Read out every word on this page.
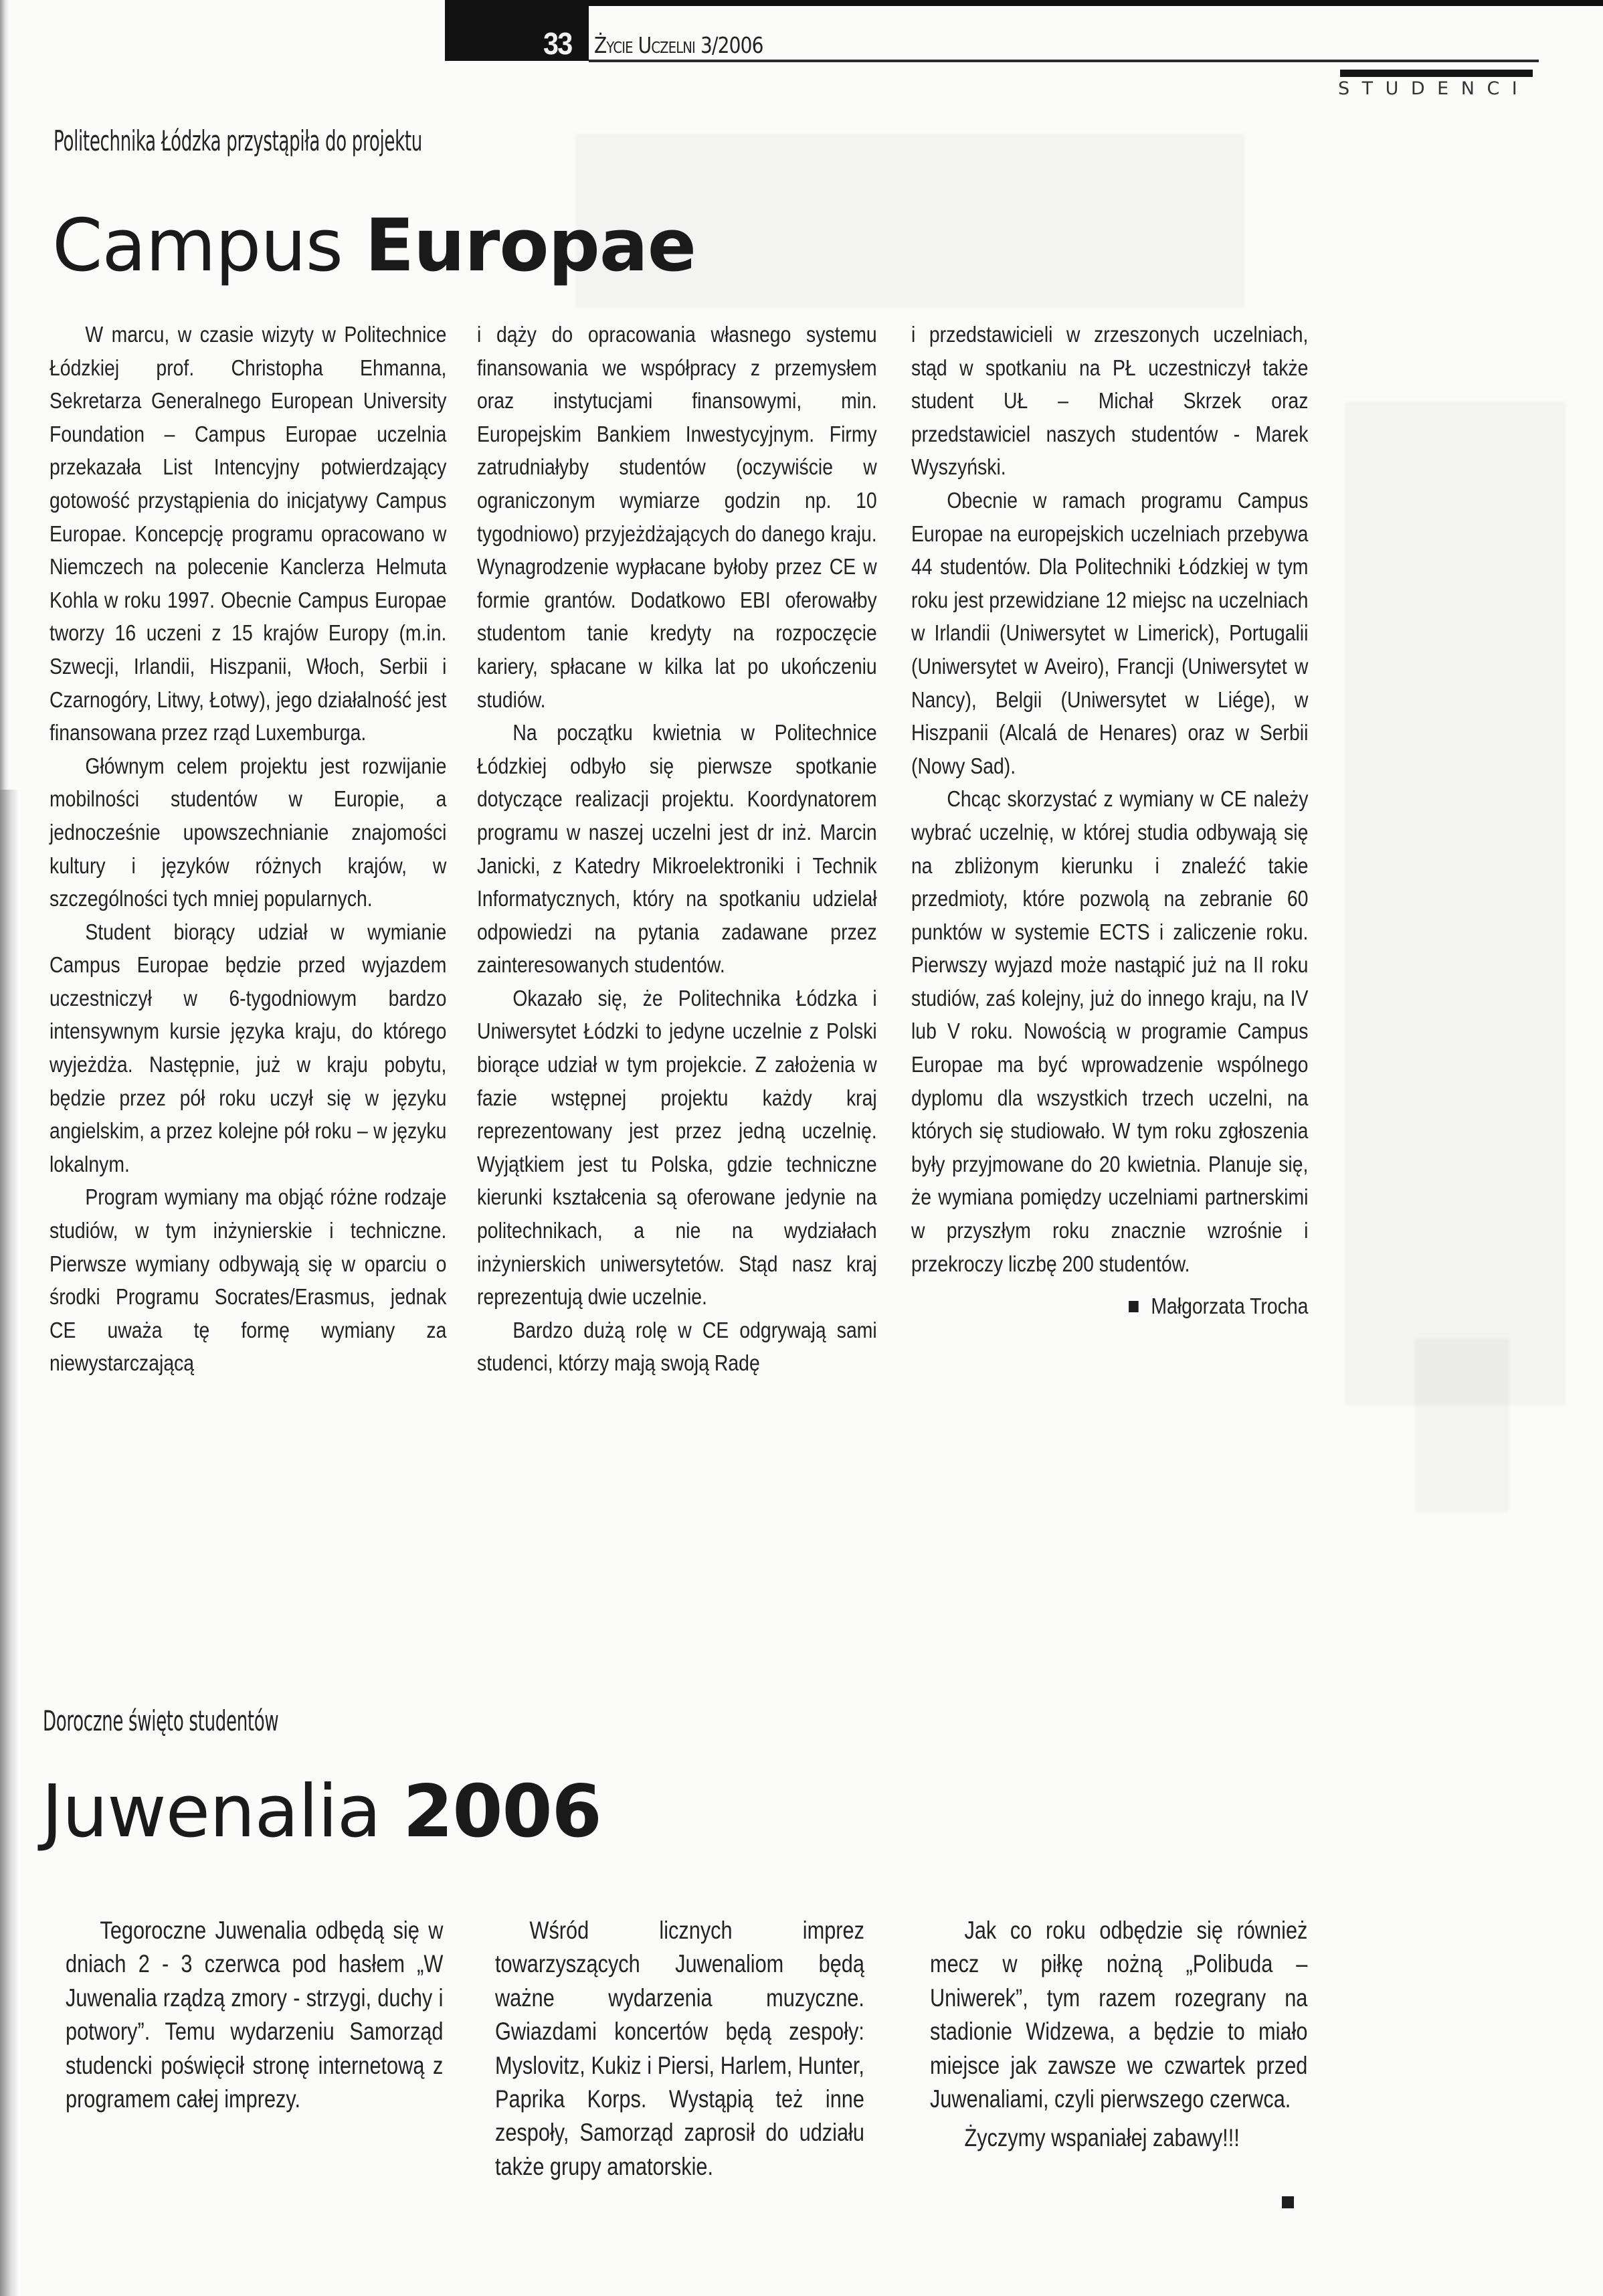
33 Życie Uczelni 3/2006
STUDENCI
Politechnika Łódzka przystąpiła do projektu
Campus Europae

W marcu, w czasie wizyty w Politechnice Łódzkiej prof. Christopha Ehmanna, Sekretarza Generalnego European University Foundation – Campus Europae uczelnia przekazała List Intencyjny potwierdzający gotowość przystąpienia do inicjatywy Campus Europae. Koncepcję programu opracowano w Niemczech na polecenie Kanclerza Helmuta Kohla w roku 1997. Obecnie Campus Europae tworzy 16 uczeni z 15 krajów Europy (m.in. Szwecji, Irlandii, Hiszpanii, Włoch, Serbii i Czarnogóry, Litwy, Łotwy), jego działalność jest finansowana przez rząd Luxemburga.

Głównym celem projektu jest rozwijanie mobilności studentów w Europie, a jednocześnie upowszechnianie znajomości kultury i języków różnych krajów, w szczególności tych mniej popularnych.

Student biorący udział w wymianie Campus Europae będzie przed wyjazdem uczestniczył w 6-tygodniowym bardzo intensywnym kursie języka kraju, do którego wyjeżdża. Następnie, już w kraju pobytu, będzie przez pół roku uczył się w języku angielskim, a przez kolejne pół roku – w języku lokalnym.

Program wymiany ma objąć różne rodzaje studiów, w tym inżynierskie i techniczne. Pierwsze wymiany odbywają się w oparciu o środki Programu Socrates/Erasmus, jednak CE uważa tę formę wymiany za niewystarczającą

i dąży do opracowania własnego systemu finansowania we współpracy z przemysłem oraz instytucjami finansowymi, min. Europejskim Bankiem Inwestycyjnym. Firmy zatrudniałyby studentów (oczywiście w ograniczonym wymiarze godzin np. 10 tygodniowo) przyjeżdżających do danego kraju. Wynagrodzenie wypłacane byłoby przez CE w formie grantów. Dodatkowo EBI oferowałby studentom tanie kredyty na rozpoczęcie kariery, spłacane w kilka lat po ukończeniu studiów.

Na początku kwietnia w Politechnice Łódzkiej odbyło się pierwsze spotkanie dotyczące realizacji projektu. Koordynatorem programu w naszej uczelni jest dr inż. Marcin Janicki, z Katedry Mikroelektroniki i Technik Informatycznych, który na spotkaniu udzielał odpowiedzi na pytania zadawane przez zainteresowanych studentów.

Okazało się, że Politechnika Łódzka i Uniwersytet Łódzki to jedyne uczelnie z Polski biorące udział w tym projekcie. Z założenia w fazie wstępnej projektu każdy kraj reprezentowany jest przez jedną uczelnię. Wyjątkiem jest tu Polska, gdzie techniczne kierunki kształcenia są oferowane jedynie na politechnikach, a nie na wydziałach inżynierskich uniwersytetów. Stąd nasz kraj reprezentują dwie uczelnie.

Bardzo dużą rolę w CE odgrywają sami studenci, którzy mają swoją Radę

i przedstawicieli w zrzeszonych uczelniach, stąd w spotkaniu na PŁ uczestniczył także student UŁ – Michał Skrzek oraz przedstawiciel naszych studentów - Marek Wyszyński.

Obecnie w ramach programu Campus Europae na europejskich uczelniach przebywa 44 studentów. Dla Politechniki Łódzkiej w tym roku jest przewidziane 12 miejsc na uczelniach w Irlandii (Uniwersytet w Limerick), Portugalii (Uniwersytet w Aveiro), Francji (Uniwersytet w Nancy), Belgii (Uniwersytet w Liége), w Hiszpanii (Alcalá de Henares) oraz w Serbii (Nowy Sad).

Chcąc skorzystać z wymiany w CE należy wybrać uczelnię, w której studia odbywają się na zbliżonym kierunku i znaleźć takie przedmioty, które pozwolą na zebranie 60 punktów w systemie ECTS i zaliczenie roku. Pierwszy wyjazd może nastąpić już na II roku studiów, zaś kolejny, już do innego kraju, na IV lub V roku. Nowością w programie Campus Europae ma być wprowadzenie wspólnego dyplomu dla wszystkich trzech uczelni, na których się studiowało. W tym roku zgłoszenia były przyjmowane do 20 kwietnia. Planuje się, że wymiana pomiędzy uczelniami partnerskimi w przyszłym roku znacznie wzrośnie i przekroczy liczbę 200 studentów.

Małgorzata Trocha

Doroczne święto studentów
Juwenalia 2006

Tegoroczne Juwenalia odbędą się w dniach 2 - 3 czerwca pod hasłem „W Juwenalia rządzą zmory - strzygi, duchy i potwory”. Temu wydarzeniu Samorząd studencki poświęcił stronę internetową z programem całej imprezy.

Wśród licznych imprez towarzyszących Juwenaliom będą ważne wydarzenia muzyczne. Gwiazdami koncertów będą zespoły: Myslovitz, Kukiz i Piersi, Harlem, Hunter, Paprika Korps. Wystąpią też inne zespoły, Samorząd zaprosił do udziału także grupy amatorskie.

Jak co roku odbędzie się również mecz w piłkę nożną „Polibuda – Uniwerek”, tym razem rozegrany na stadionie Widzewa, a będzie to miało miejsce jak zawsze we czwartek przed Juwenaliami, czyli pierwszego czerwca.

Życzymy wspaniałej zabawy!!!
